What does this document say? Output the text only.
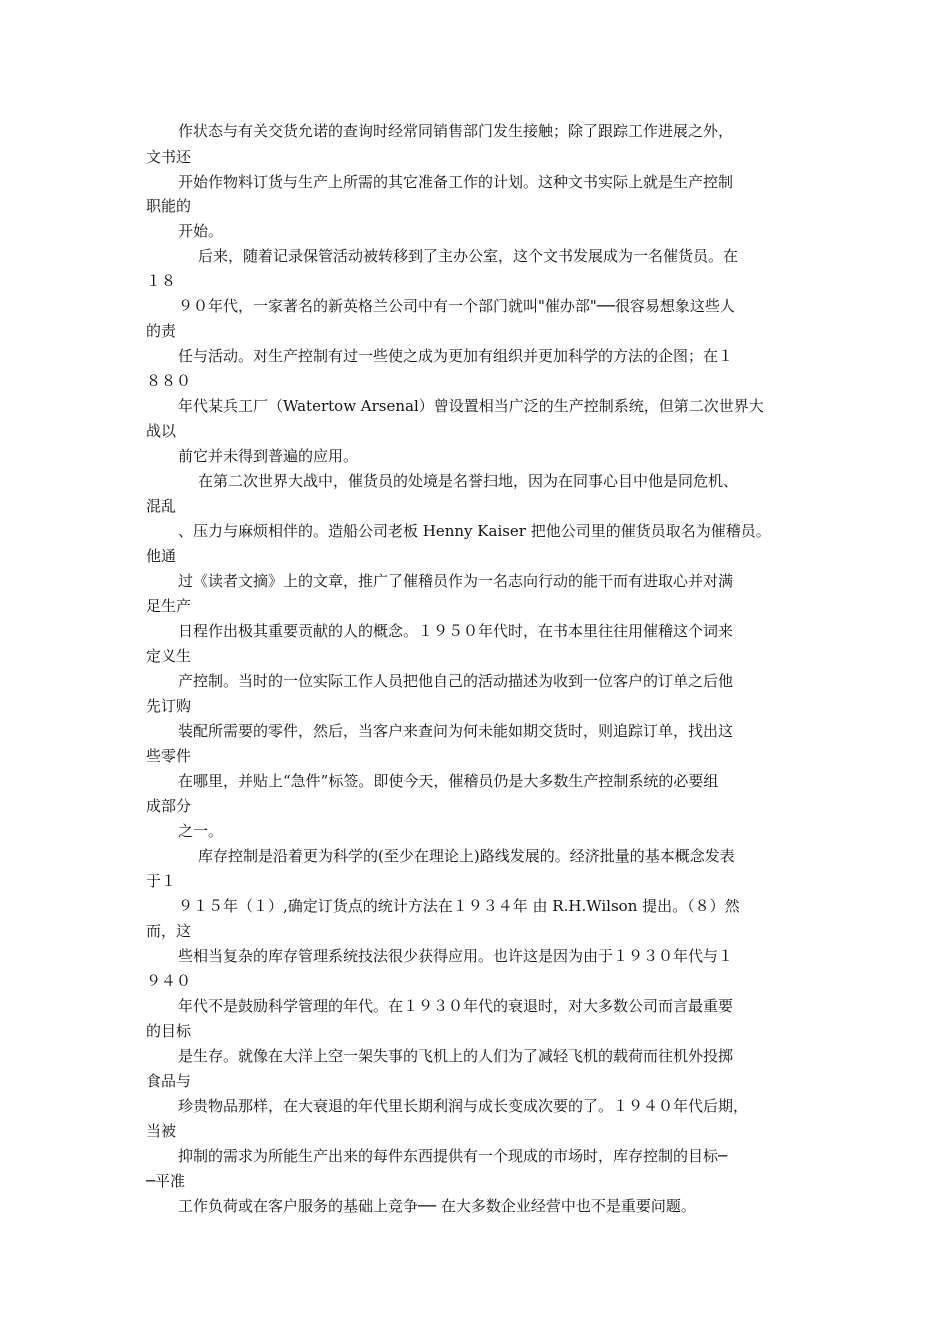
作状态与有关交货允诺的查询时经常同销售部门发生接触；除了跟踪工作进展之外，
文书还
开始作物料订货与生产上所需的其它准备工作的计划。这种文书实际上就是生产控制
职能的
开始。
后来，随着记录保管活动被转移到了主办公室，这个文书发展成为一名催货员。在
１８
９０年代，一家著名的新英格兰公司中有一个部门就叫"催办部"──很容易想象这些人
的责
任与活动。对生产控制有过一些使之成为更加有组织并更加科学的方法的企图；在１
８８０
年代某兵工厂（Watertow Arsenal）曾设置相当广泛的生产控制系统，但第二次世界大
战以
前它并未得到普遍的应用。
在第二次世界大战中，催货员的处境是名誉扫地，因为在同事心目中他是同危机、
混乱
、压力与麻烦相伴的。造船公司老板 Henny Kaiser 把他公司里的催货员取名为催稽员。
他通
过《读者文摘》上的文章，推广了催稽员作为一名志向行动的能干而有进取心并对满
足生产
日程作出极其重要贡献的人的概念。１９５０年代时，在书本里往往用催稽这个词来
定义生
产控制。当时的一位实际工作人员把他自己的活动描述为收到一位客户的订单之后他
先订购
装配所需要的零件，然后，当客户来查问为何未能如期交货时，则追踪订单，找出这
些零件
在哪里，并贴上“急件”标签。即使今天，催稽员仍是大多数生产控制系统的必要组
成部分
之一。
库存控制是沿着更为科学的(至少在理论上)路线发展的。经济批量的基本概念发表
于１
９１５年（１）,确定订货点的统计方法在１９３４年 由 R.H.Wilson 提出。（８）然
而，这
些相当复杂的库存管理系统技法很少获得应用。也许这是因为由于１９３０年代与１
９４０
年代不是鼓励科学管理的年代。在１９３０年代的衰退时，对大多数公司而言最重要
的目标
是生存。就像在大洋上空一架失事的飞机上的人们为了减轻飞机的载荷而往机外投掷
食品与
珍贵物品那样，在大衰退的年代里长期利润与成长变成次要的了。１９４０年代后期，
当被
抑制的需求为所能生产出来的每件东西提供有一个现成的市场时，库存控制的目标─
─平准
工作负荷或在客户服务的基础上竞争── 在大多数企业经营中也不是重要问题。
